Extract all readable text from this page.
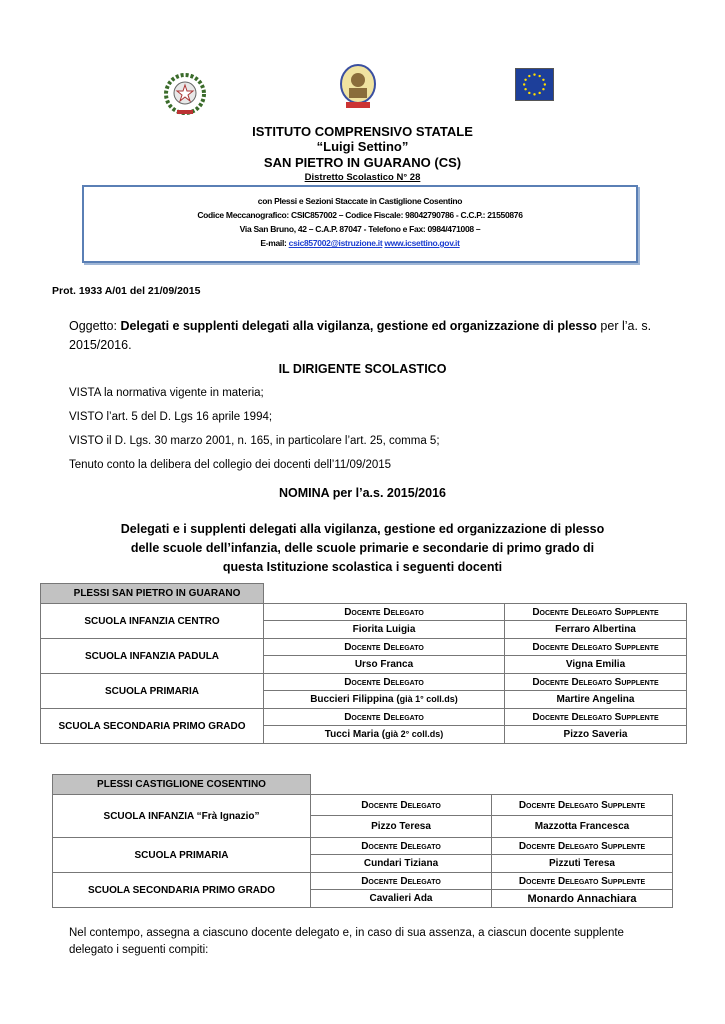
ISTITUTO COMPRENSIVO STATALE
“Luigi Settino”
SAN PIETRO IN GUARANO (CS)
Distretto Scolastico N° 28
con Plessi e Sezioni Staccate in Castiglione Cosentino
Codice Meccanografico: CSIC857002 – Codice Fiscale: 98042790786 - C.C.P.: 21550876
Via San Bruno, 42 – C.A.P. 87047 - Telefono e Fax: 0984/471008 –
E-mail: csic857002@istruzione.it www.icsettino.gov.it
Prot. 1933 A/01 del 21/09/2015
Oggetto: Delegati e supplenti delegati alla vigilanza, gestione ed organizzazione di plesso per l’a. s. 2015/2016.
IL DIRIGENTE SCOLASTICO
VISTA la normativa vigente in materia;
VISTO l’art. 5 del D. Lgs 16 aprile 1994;
VISTO il D. Lgs. 30 marzo 2001, n. 165, in particolare l’art. 25, comma 5;
Tenuto conto la delibera del collegio dei docenti dell’11/09/2015
NOMINA per l’a.s. 2015/2016
Delegati e i supplenti delegati alla vigilanza, gestione ed organizzazione di plesso
delle scuole dell’infanzia, delle scuole primarie e secondarie di primo grado di
questa Istituzione scolastica i seguenti docenti
PLESSI SAN PIETRO IN GUARANO		
SCUOLA INFANZIA CENTRO	Docente Delegato	Docente Delegato Supplente
	Fiorita Luigia	Ferraro Albertina
SCUOLA INFANZIA PADULA	Docente Delegato	Docente Delegato Supplente
	Urso Franca	Vigna Emilia
SCUOLA PRIMARIA	Docente Delegato	Docente Delegato Supplente
	Buccieri Filippina (già 1° coll.ds)	Martire Angelina
SCUOLA SECONDARIA PRIMO GRADO	Docente Delegato	Docente Delegato Supplente
	Tucci Maria (già 2° coll.ds)	Pizzo Saveria
PLESSI CASTIGLIONE COSENTINO		
SCUOLA INFANZIA “Frà Ignazio”	Docente Delegato	Docente Delegato Supplente
	Pizzo Teresa	Mazzotta Francesca
SCUOLA PRIMARIA	Docente Delegato	Docente Delegato Supplente
	Cundari Tiziana	Pizzuti Teresa
SCUOLA SECONDARIA PRIMO GRADO	Docente Delegato	Docente Delegato Supplente
	Cavalieri Ada	Monardo Annachiara
Nel contempo, assegna a ciascuno docente delegato e, in caso di sua assenza, a ciascun docente supplente delegato i seguenti compiti:
